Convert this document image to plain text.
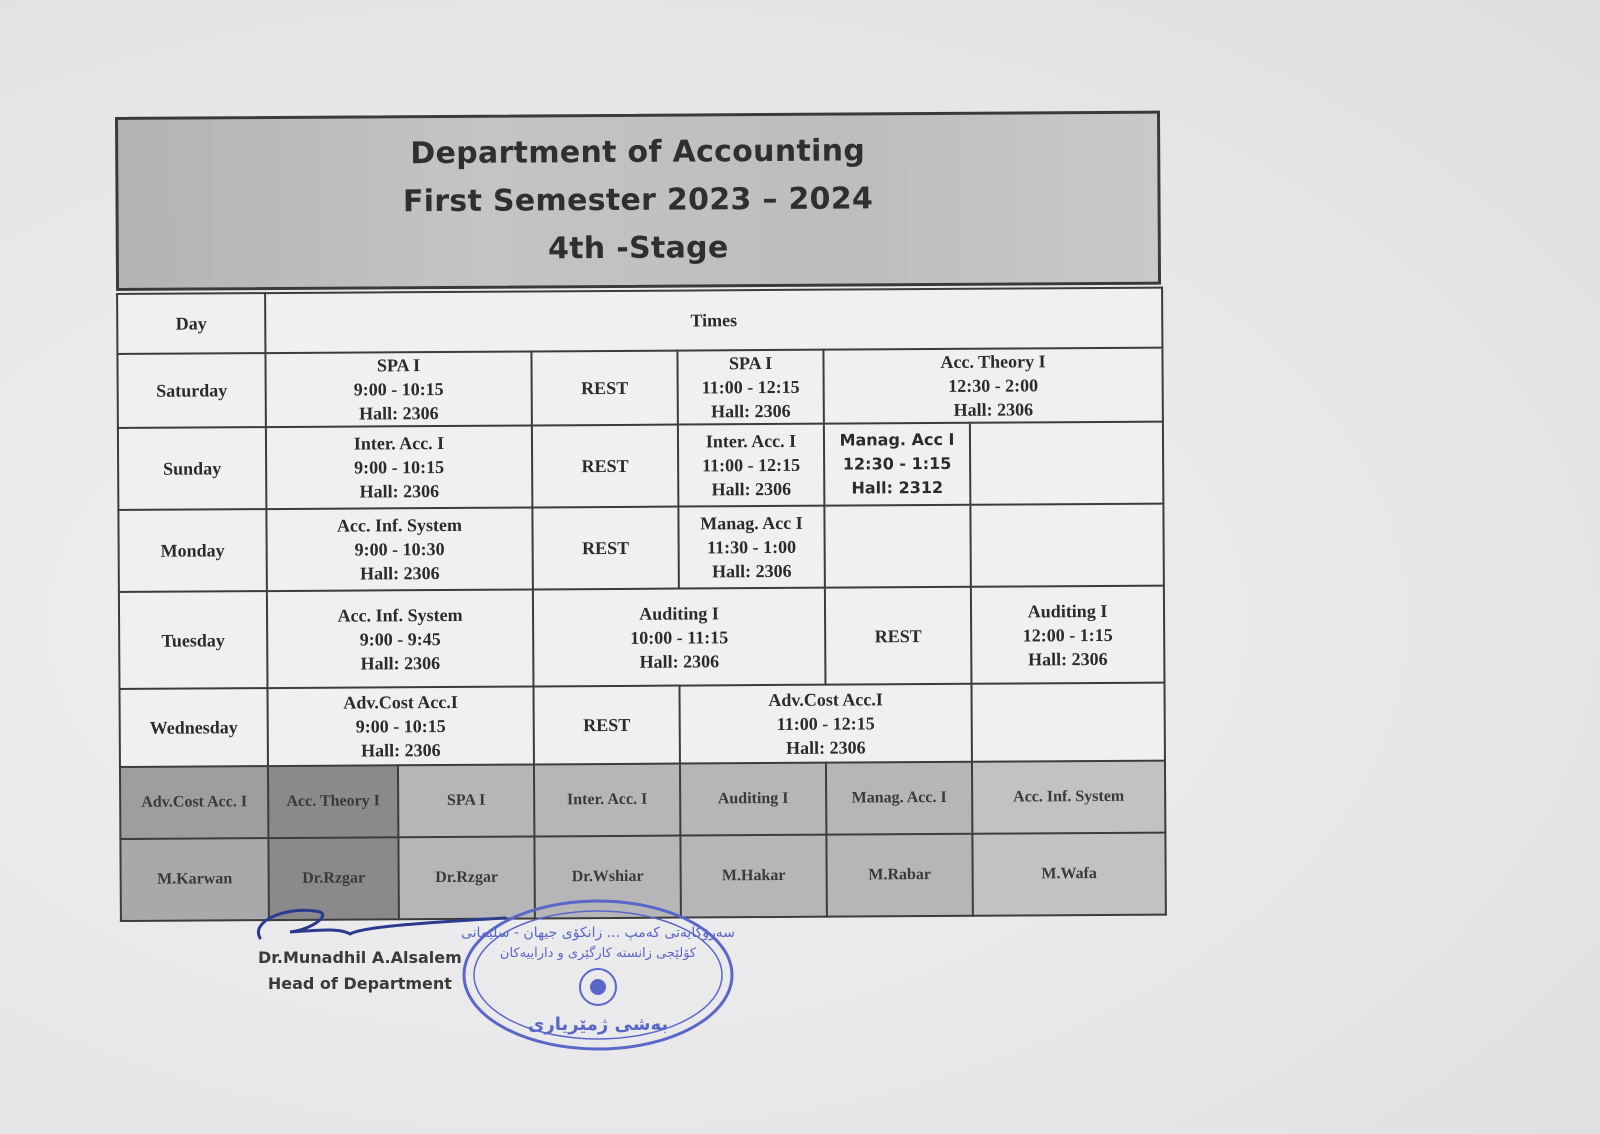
Department of Accounting
First Semester 2023 – 2024
4th -Stage
Day	Times					
Saturday	SPA I
9:00 - 10:15
Hall: 2306		REST	SPA I
11:00 - 12:15
Hall: 2306	Acc. Theory I
12:30 - 2:00
Hall: 2306	

Sunday	Inter. Acc. I
9:00 - 10:15
Hall: 2306		REST	Inter. Acc. I
11:00 - 12:15
Hall: 2306	Manag. Acc I
12:30 - 1:15
Hall: 2312	

Monday	Acc. Inf. System
9:00 - 10:30
Hall: 2306		REST	Manag. Acc I
11:30 - 1:00
Hall: 2306		

Tuesday	Acc. Inf. System
9:00 - 9:45
Hall: 2306		Auditing I
10:00 - 11:15
Hall: 2306		REST	Auditing I
12:00 - 1:15
Hall: 2306

Wednesday	Adv.Cost Acc.I
9:00 - 10:15
Hall: 2306		REST	Adv.Cost Acc.I
11:00 - 12:15
Hall: 2306		

Adv.Cost Acc. I	Acc. Theory I	SPA I	Inter. Acc. I	Auditing I	Manag. Acc. I	Acc. Inf. System
M.Karwan	Dr.Rzgar	Dr.Rzgar	Dr.Wshiar	M.Hakar	M.Rabar	M.Wafa
Dr.Munadhil A.Alsalem
Head of Department
سەرۆکایەتی کەمپ ... زانکۆی جیهان - سلێمانی
کۆلێجی زانستە کارگێری و داراییەکان
بەشی ژمێریاری
